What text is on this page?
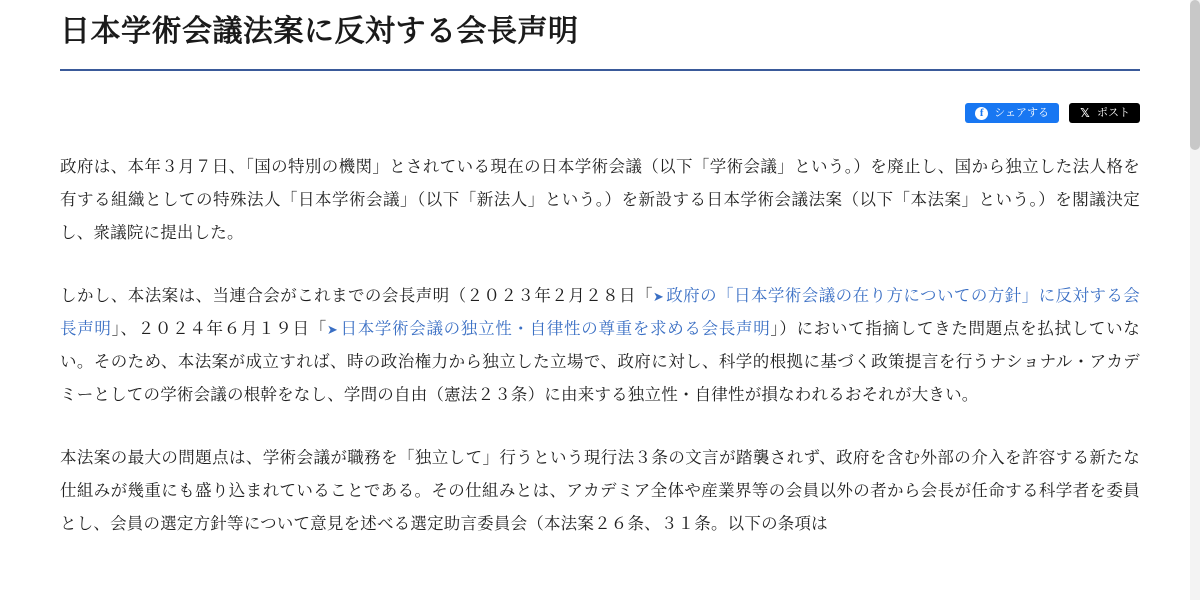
日本学術会議法案に反対する会長声明
f シェアする	𝕏 ポスト

政府は、本年３月７日、「国の特別の機関」とされている現在の日本学術会議（以下「学術会議」という。）を廃止し、国から独立した法人格を有する組織としての特殊法人「日本学術会議」（以下「新法人」という。）を新設する日本学術会議法案（以下「本法案」という。）を閣議決定し、衆議院に提出した。

しかし、本法案は、当連合会がこれまでの会長声明（２０２３年２月２８日「➤ 政府の「日本学術会議の在り方についての方針」に反対する会長声明」、２０２４年６月１９日「➤ 日本学術会議の独立性・自律性の尊重を求める会長声明」）において指摘してきた問題点を払拭していない。そのため、本法案が成立すれば、時の政治権力から独立した立場で、政府に対し、科学的根拠に基づく政策提言を行うナショナル・アカデミーとしての学術会議の根幹をなし、学問の自由（憲法２３条）に由来する独立性・自律性が損なわれるおそれが大きい。

本法案の最大の問題点は、学術会議が職務を「独立して」行うという現行法３条の文言が踏襲されず、政府を含む外部の介入を許容する新たな仕組みが幾重にも盛り込まれていることである。その仕組みとは、アカデミア全体や産業界等の会員以外の者から会長が任命する科学者を委員とし、会員の選定方針等について意見を述べる選定助言委員会（本法案２６条、３１条。以下の条項は
